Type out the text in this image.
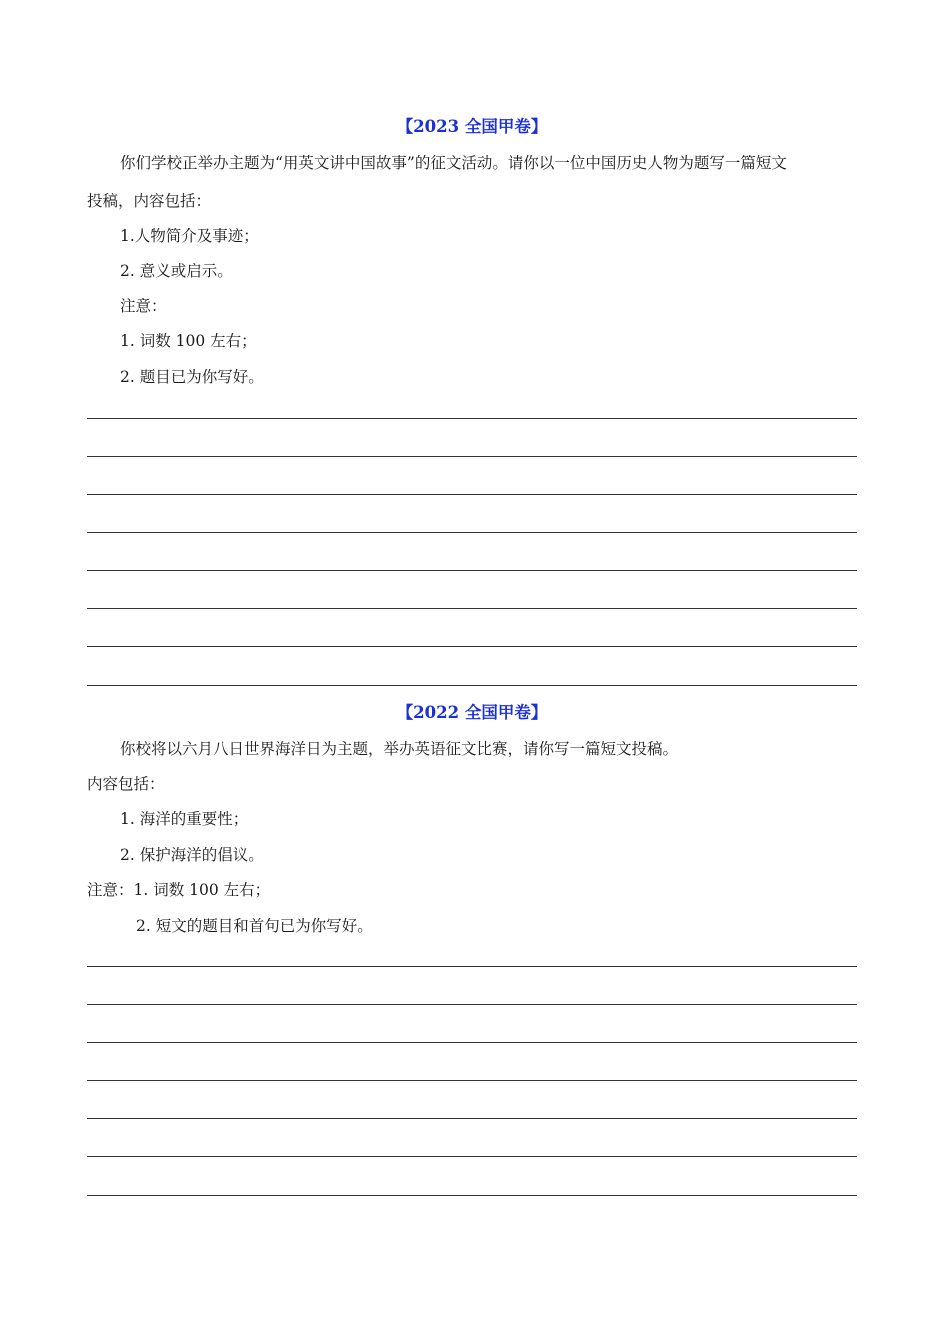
【2023 全国甲卷】
你们学校正举办主题为“用英文讲中国故事”的征文活动。请你以一位中国历史人物为题写一篇短文
投稿，内容包括：
1.人物简介及事迹；
2. 意义或启示。
注意：
1. 词数 100 左右；
2. 题目已为你写好。
【2022 全国甲卷】
你校将以六月八日世界海洋日为主题，举办英语征文比赛，请你写一篇短文投稿。
内容包括：
1. 海洋的重要性；
2. 保护海洋的倡议。
注意：1. 词数 100 左右；
2. 短文的题目和首句已为你写好。
